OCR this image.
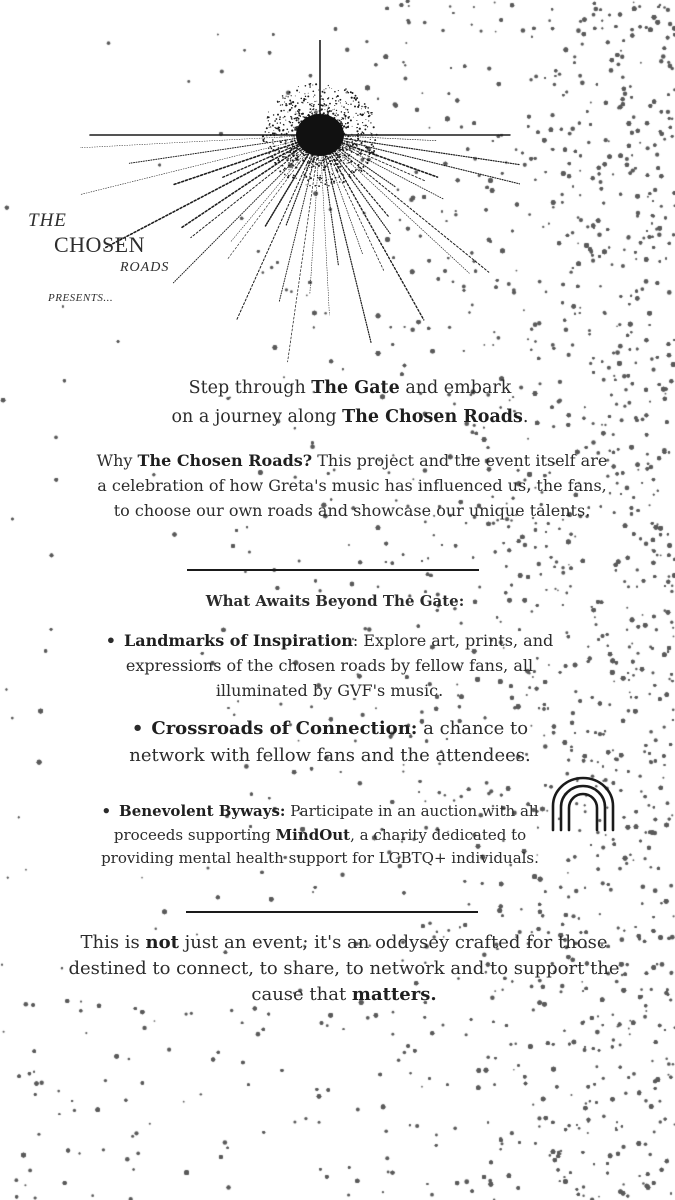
THE
CHOSEN
ROADS
PRESENTS...
Step through The Gate and embark
on a journey along The Chosen Roads.
Why The Chosen Roads? This project and the event itself are a celebration of how Greta's music has influenced us, the fans, to choose our own roads and showcase our unique talents.
What Awaits Beyond The Gate:
• Landmarks of Inspiration: Explore art, prints, and expressions of the chosen roads by fellow fans, all illuminated by GVF's music.
• Crossroads of Connection: a chance to network with fellow fans and the attendees.
• Benevolent Byways: Participate in an auction with all proceeds supporting MindOut, a charity dedicated to providing mental health support for LGBTQ+ individuals.
This is not just an event; it's an oddysey crafted for those destined to connect, to share, to network and to support the cause that matters.
